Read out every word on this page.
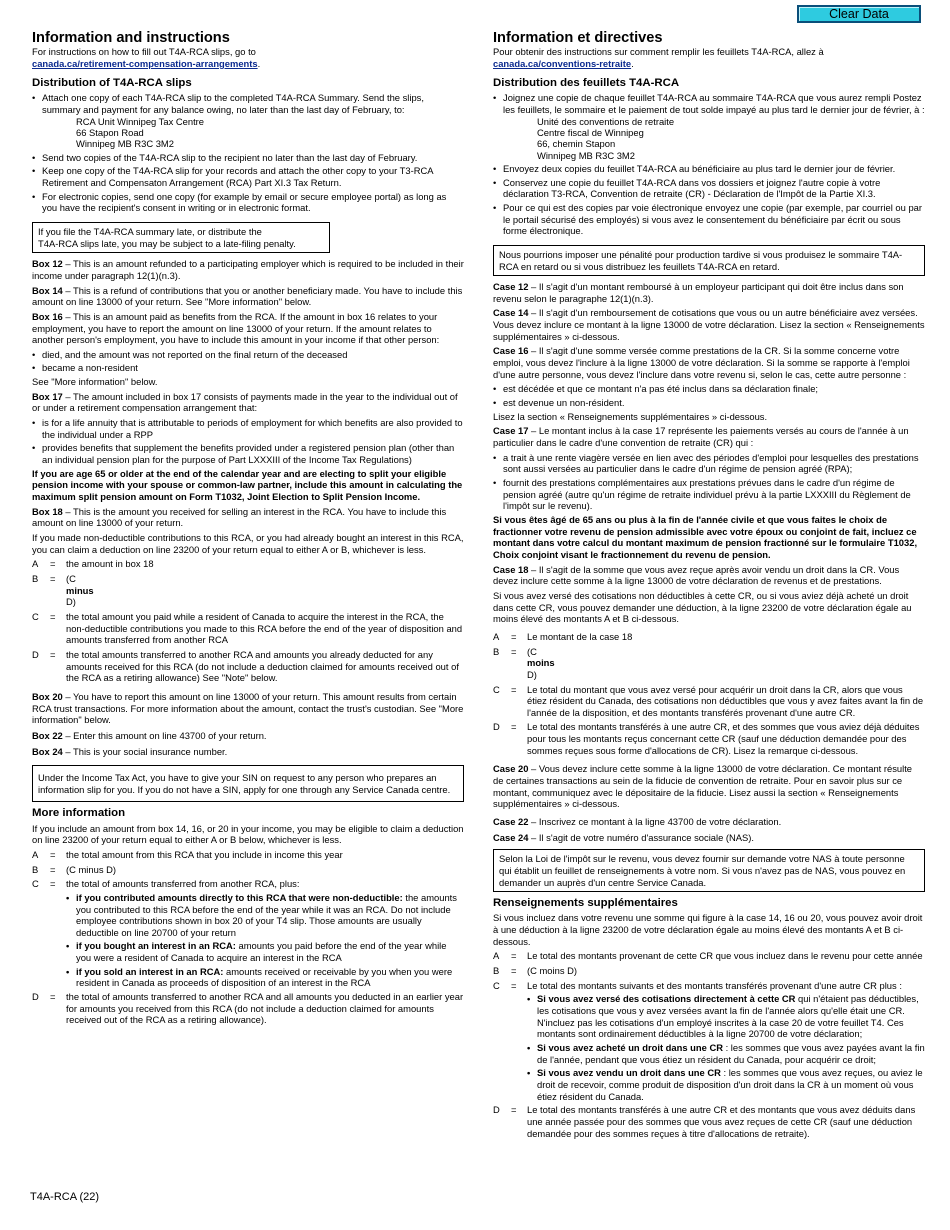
Clear Data
Information and instructions

For instructions on how to fill out T4A-RCA slips, go to
canada.ca/retirement-compensation-arrangements.

Distribution of T4A-RCA slips
• Attach one copy of each T4A-RCA slip to the completed T4A-RCA Summary. Send the slips, summary and payment for any balance owing, no later than the last day of February, to:
RCA Unit Winnipeg Tax Centre
66 Stapon Road
Winnipeg MB R3C 3M2
• Send two copies of the T4A-RCA slip to the recipient no later than the last day of February.
• Keep one copy of the T4A-RCA slip for your records and attach the other copy to your T3-RCA Retirement and Compensaton Arrangement (RCA) Part XI.3 Tax Return.
• For electronic copies, send one copy (for example by email or secure employee portal) as long as you have the recipient's consent in writing or in electronic format.
If you file the T4A-RCA summary late, or distribute the
T4A-RCA slips late, you may be subject to a late-filing penalty.

Box 12 – This is an amount refunded to a participating employer which is required to be included in their income under paragraph 12(1)(n.3).

Box 14 – This is a refund of contributions that you or another beneficiary made. You have to include this amount on line 13000 of your return. See "More information" below.

Box 16 – This is an amount paid as benefits from the RCA. If the amount in box 16 relates to your employment, you have to report the amount on line 13000 of your return. If the amount relates to another person's employment, you have to include this amount in your income if that other person:

• died, and the amount was not reported on the final return of the deceased
• became a non-resident

See "More information" below.

Box 17 – The amount included in box 17 consists of payments made in the year to the individual out of or under a retirement compensation arrangement that:

• is for a life annuity that is attributable to periods of employment for which benefits are also provided to the individual under a RPP
• provides benefits that supplement the benefits provided under a registered pension plan (other than an individual pension plan for the purpose of Part LXXXIII of the Income Tax Regulations)

If you are age 65 or older at the end of the calendar year and are electing to split your eligible pension income with your spouse or common-law partner, include this amount in calculating the maximum split pension amount on Form T1032, Joint Election to Split Pension Income.

Box 18 – This is the amount you received for selling an interest in the RCA. You have to include this amount on line 13000 of your return.

If you made non-deductible contributions to this RCA, or you had already bought an interest in this RCA, you can claim a deduction on line 23200 of your return equal to either A or B, whichever is less.

A	=	the amount in box 18
B	=	(C
minus
D)
C	=	the total amount you paid while a resident of Canada to acquire the interest in the RCA, the non-deductible contributions you made to this RCA before the end of the year of disposition and amounts transferred from another RCA
D	=	the total amounts transferred to another RCA and amounts you already deducted for any amounts received for this RCA (do not include a deduction claimed for amounts received out of the RCA as a retiring allowance) See "Note" below.

Box 20 – You have to report this amount on line 13000 of your return. This amount results from certain RCA trust transactions. For more information about the amount, contact the trust's custodian. See "More information" below.

Box 22 – Enter this amount on line 43700 of your return.

Box 24 – This is your social insurance number.

Under the Income Tax Act, you have to give your SIN on request to any person who prepares an information slip for you. If you do not have a SIN, apply for one through any Service Canada centre.
More information

If you include an amount from box 14, 16, or 20 in your income, you may be eligible to claim a deduction on line 23200 of your return equal to either A or B below, whichever is less.

A	=	the total amount from this RCA that you include in income this year
B	=	(C minus D)
C	=	the total of amounts transferred from another RCA, plus:
• if you contributed amounts directly to this RCA that were non-deductible: the amounts you contributed to this RCA before the end of the year while it was an RCA. Do not include employee contributions shown in box 20 of your T4 slip. Those amounts are usually deductible on line 20700 of your return
• if you bought an interest in an RCA: amounts you paid before the end of the year while you were a resident of Canada to acquire an interest in the RCA
• if you sold an interest in an RCA: amounts received or receivable by you when you were resident in Canada as proceeds of disposition of an interest in the RCA
D	=	the total of amounts transferred to another RCA and all amounts you deducted in an earlier year for amounts you received from this RCA (do not include a deduction claimed for amounts received out of the RCA as a retiring allowance).
Information et directives

Pour obtenir des instructions sur comment remplir les feuillets T4A-RCA, allez à
canada.ca/conventions-retraite.

Distribution des feuillets T4A-RCA
• Joignez une copie de chaque feuillet T4A-RCA au sommaire T4A-RCA que vous aurez rempli Postez les feuillets, le sommaire et le paiement de tout solde impayé au plus tard le dernier jour de février, à :
Unité des conventions de retraite
Centre fiscal de Winnipeg
66, chemin Stapon
Winnipeg MB R3C 3M2
• Envoyez deux copies du feuillet T4A-RCA au bénéficiaire au plus tard le dernier jour de février.
• Conservez une copie du feuillet T4A-RCA dans vos dossiers et joignez l'autre copie à votre déclaration T3-RCA, Convention de retraite (CR) - Déclaration de l'Impôt de la Partie XI.3.
• Pour ce qui est des copies par voie électronique envoyez une copie (par exemple, par courriel ou par le portail sécurisé des employés) si vous avez le consentement du bénéficiaire par écrit ou sous forme électronique.
Nous pourrions imposer une pénalité pour production tardive si vous produisez le sommaire T4A-RCA en retard ou si vous distribuez les feuillets T4A-RCA en retard.

Case 12 – Il s'agit d'un montant remboursé à un employeur participant qui doit être inclus dans son revenu selon le paragraphe 12(1)(n.3).

Case 14 – Il s'agit d'un remboursement de cotisations que vous ou un autre bénéficiaire avez versées. Vous devez inclure ce montant à la ligne 13000 de votre déclaration. Lisez la section « Renseignements supplémentaires » ci-dessous.

Case 16 – Il s'agit d'une somme versée comme prestations de la CR. Si la somme concerne votre emploi, vous devez l'inclure à la ligne 13000 de votre déclaration. Si la somme se rapporte à l'emploi d'une autre personne, vous devez l'inclure dans votre revenu si, selon le cas, cette autre personne :

• est décédée et que ce montant n'a pas été inclus dans sa déclaration finale;
• est devenue un non-résident.

Lisez la section « Renseignements supplémentaires » ci-dessous.

Case 17 – Le montant inclus à la case 17 représente les paiements versés au cours de l'année à un particulier dans le cadre d'une convention de retraite (CR) qui :

• a trait à une rente viagère versée en lien avec des périodes d'emploi pour lesquelles des prestations sont aussi versées au particulier dans le cadre d'un régime de pension agréé (RPA);
• fournit des prestations complémentaires aux prestations prévues dans le cadre d'un régime de pension agréé (autre qu'un régime de retraite individuel prévu à la partie LXXXIII du Règlement de l'impôt sur le revenu).

Si vous êtes âgé de 65 ans ou plus à la fin de l'année civile et que vous faites le choix de fractionner votre revenu de pension admissible avec votre époux ou conjoint de fait, incluez ce montant dans votre calcul du montant maximum de pension fractionné sur le formulaire T1032, Choix conjoint visant le fractionnement du revenu de pension.

Case 18 – Il s'agit de la somme que vous avez reçue après avoir vendu un droit dans la CR. Vous devez inclure cette somme à la ligne 13000 de votre déclaration de revenus et de prestations.

Si vous avez versé des cotisations non déductibles à cette CR, ou si vous aviez déjà acheté un droit dans cette CR, vous pouvez demander une déduction, à la ligne 23200 de votre déclaration égale au moins élevé des montants A et B ci-dessous.

A	=	Le montant de la case 18
B	=	(C
moins
D)
C	=	Le total du montant que vous avez versé pour acquérir un droit dans la CR, alors que vous étiez résident du Canada, des cotisations non déductibles que vous y avez faites avant la fin de l'année de la disposition, et des montants transférés provenant d'une autre CR.
D	=	Le total des montants transférés à une autre CR, et des sommes que vous aviez déjà déduites pour tous les montants reçus concernant cette CR (sauf une déduction demandée pour des sommes reçues sous forme d'allocations de CR). Lisez la remarque ci-dessous.

Case 20 – Vous devez inclure cette somme à la ligne 13000 de votre déclaration. Ce montant résulte de certaines transactions au sein de la fiducie de convention de retraite. Pour en savoir plus sur ce montant, communiquez avec le dépositaire de la fiducie. Lisez aussi la section « Renseignements supplémentaires » ci-dessous.

Case 22 – Inscrivez ce montant à la ligne 43700 de votre déclaration.

Case 24 – Il s'agit de votre numéro d'assurance sociale (NAS).

Selon la Loi de l'impôt sur le revenu, vous devez fournir sur demande votre NAS à toute personne qui établit un feuillet de renseignements à votre nom. Si vous n'avez pas de NAS, vous pouvez en demander un auprès d'un centre Service Canada.
Renseignements supplémentaires

Si vous incluez dans votre revenu une somme qui figure à la case 14, 16 ou 20, vous pouvez avoir droit à une déduction à la ligne 23200 de votre déclaration égale au moins élevé des montants A et B ci-dessous.

A	=	Le total des montants provenant de cette CR que vous incluez dans le revenu pour cette année
B	=	(C moins D)
C	=	Le total des montants suivants et des montants transférés provenant d'une autre CR plus :
• Si vous avez versé des cotisations directement à cette CR qui n'étaient pas déductibles, les cotisations que vous y avez versées avant la fin de l'année alors qu'elle était une CR. N'incluez pas les cotisations d'un employé inscrites à la case 20 de votre feuillet T4. Ces montants sont ordinairement déductibles à la ligne 20700 de votre déclaration;
• Si vous avez acheté un droit dans une CR : les sommes que vous avez payées avant la fin de l'année, pendant que vous étiez un résident du Canada, pour acquérir ce droit;
• Si vous avez vendu un droit dans une CR : les sommes que vous avez reçues, ou aviez le droit de recevoir, comme produit de disposition d'un droit dans la CR à un moment où vous étiez résident du Canada.
D	=	Le total des montants transférés à une autre CR et des montants que vous avez déduits dans une année passée pour des sommes que vous avez reçues de cette CR (sauf une déduction demandée pour des sommes reçues à titre d'allocations de retraite).
T4A-RCA (22)
